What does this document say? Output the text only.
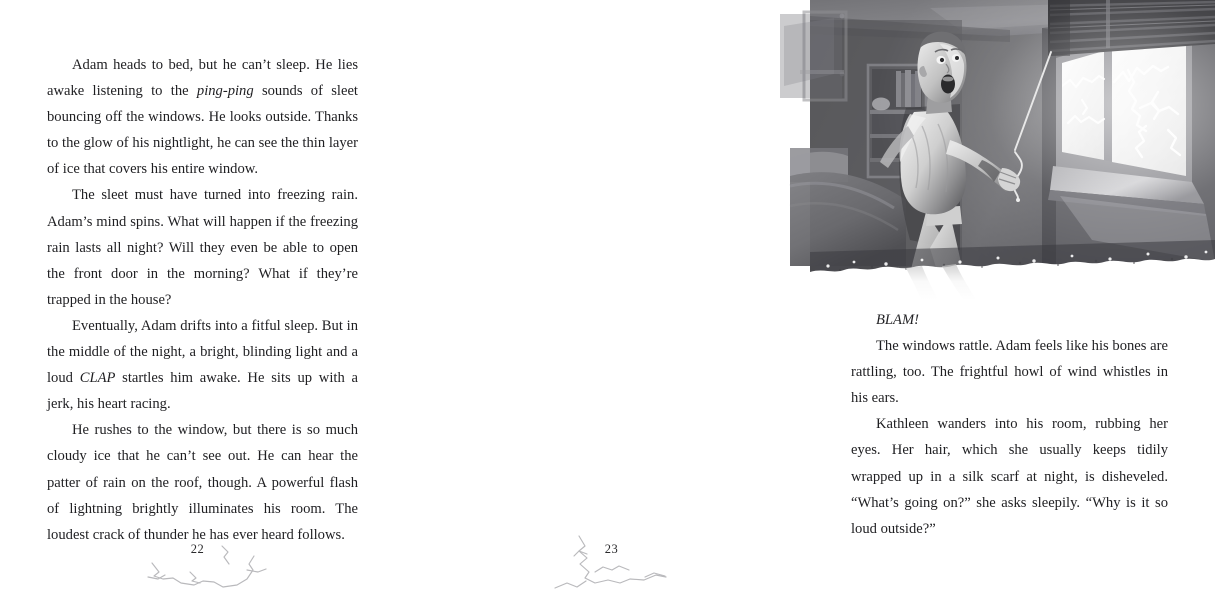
Adam heads to bed, but he can’t sleep. He lies awake listening to the ping-ping sounds of sleet bouncing off the windows. He looks outside. Thanks to the glow of his nightlight, he can see the thin layer of ice that covers his entire window.

The sleet must have turned into freezing rain. Adam’s mind spins. What will happen if the freezing rain lasts all night? Will they even be able to open the front door in the morning? What if they’re trapped in the house?

Eventually, Adam drifts into a fitful sleep. But in the middle of the night, a bright, blinding light and a loud CLAP startles him awake. He sits up with a jerk, his heart racing.

He rushes to the window, but there is so much cloudy ice that he can’t see out. He can hear the patter of rain on the roof, though. A powerful flash of lightning brightly illuminates his room. The loudest crack of thunder he has ever heard follows.

22

BLAM!

The windows rattle. Adam feels like his bones are rattling, too. The frightful howl of wind whistles in his ears.

Kathleen wanders into his room, rubbing her eyes. Her hair, which she usually keeps tidily wrapped up in a silk scarf at night, is disheveled. “What’s going on?” she asks sleepily. “Why is it so loud outside?”

23
